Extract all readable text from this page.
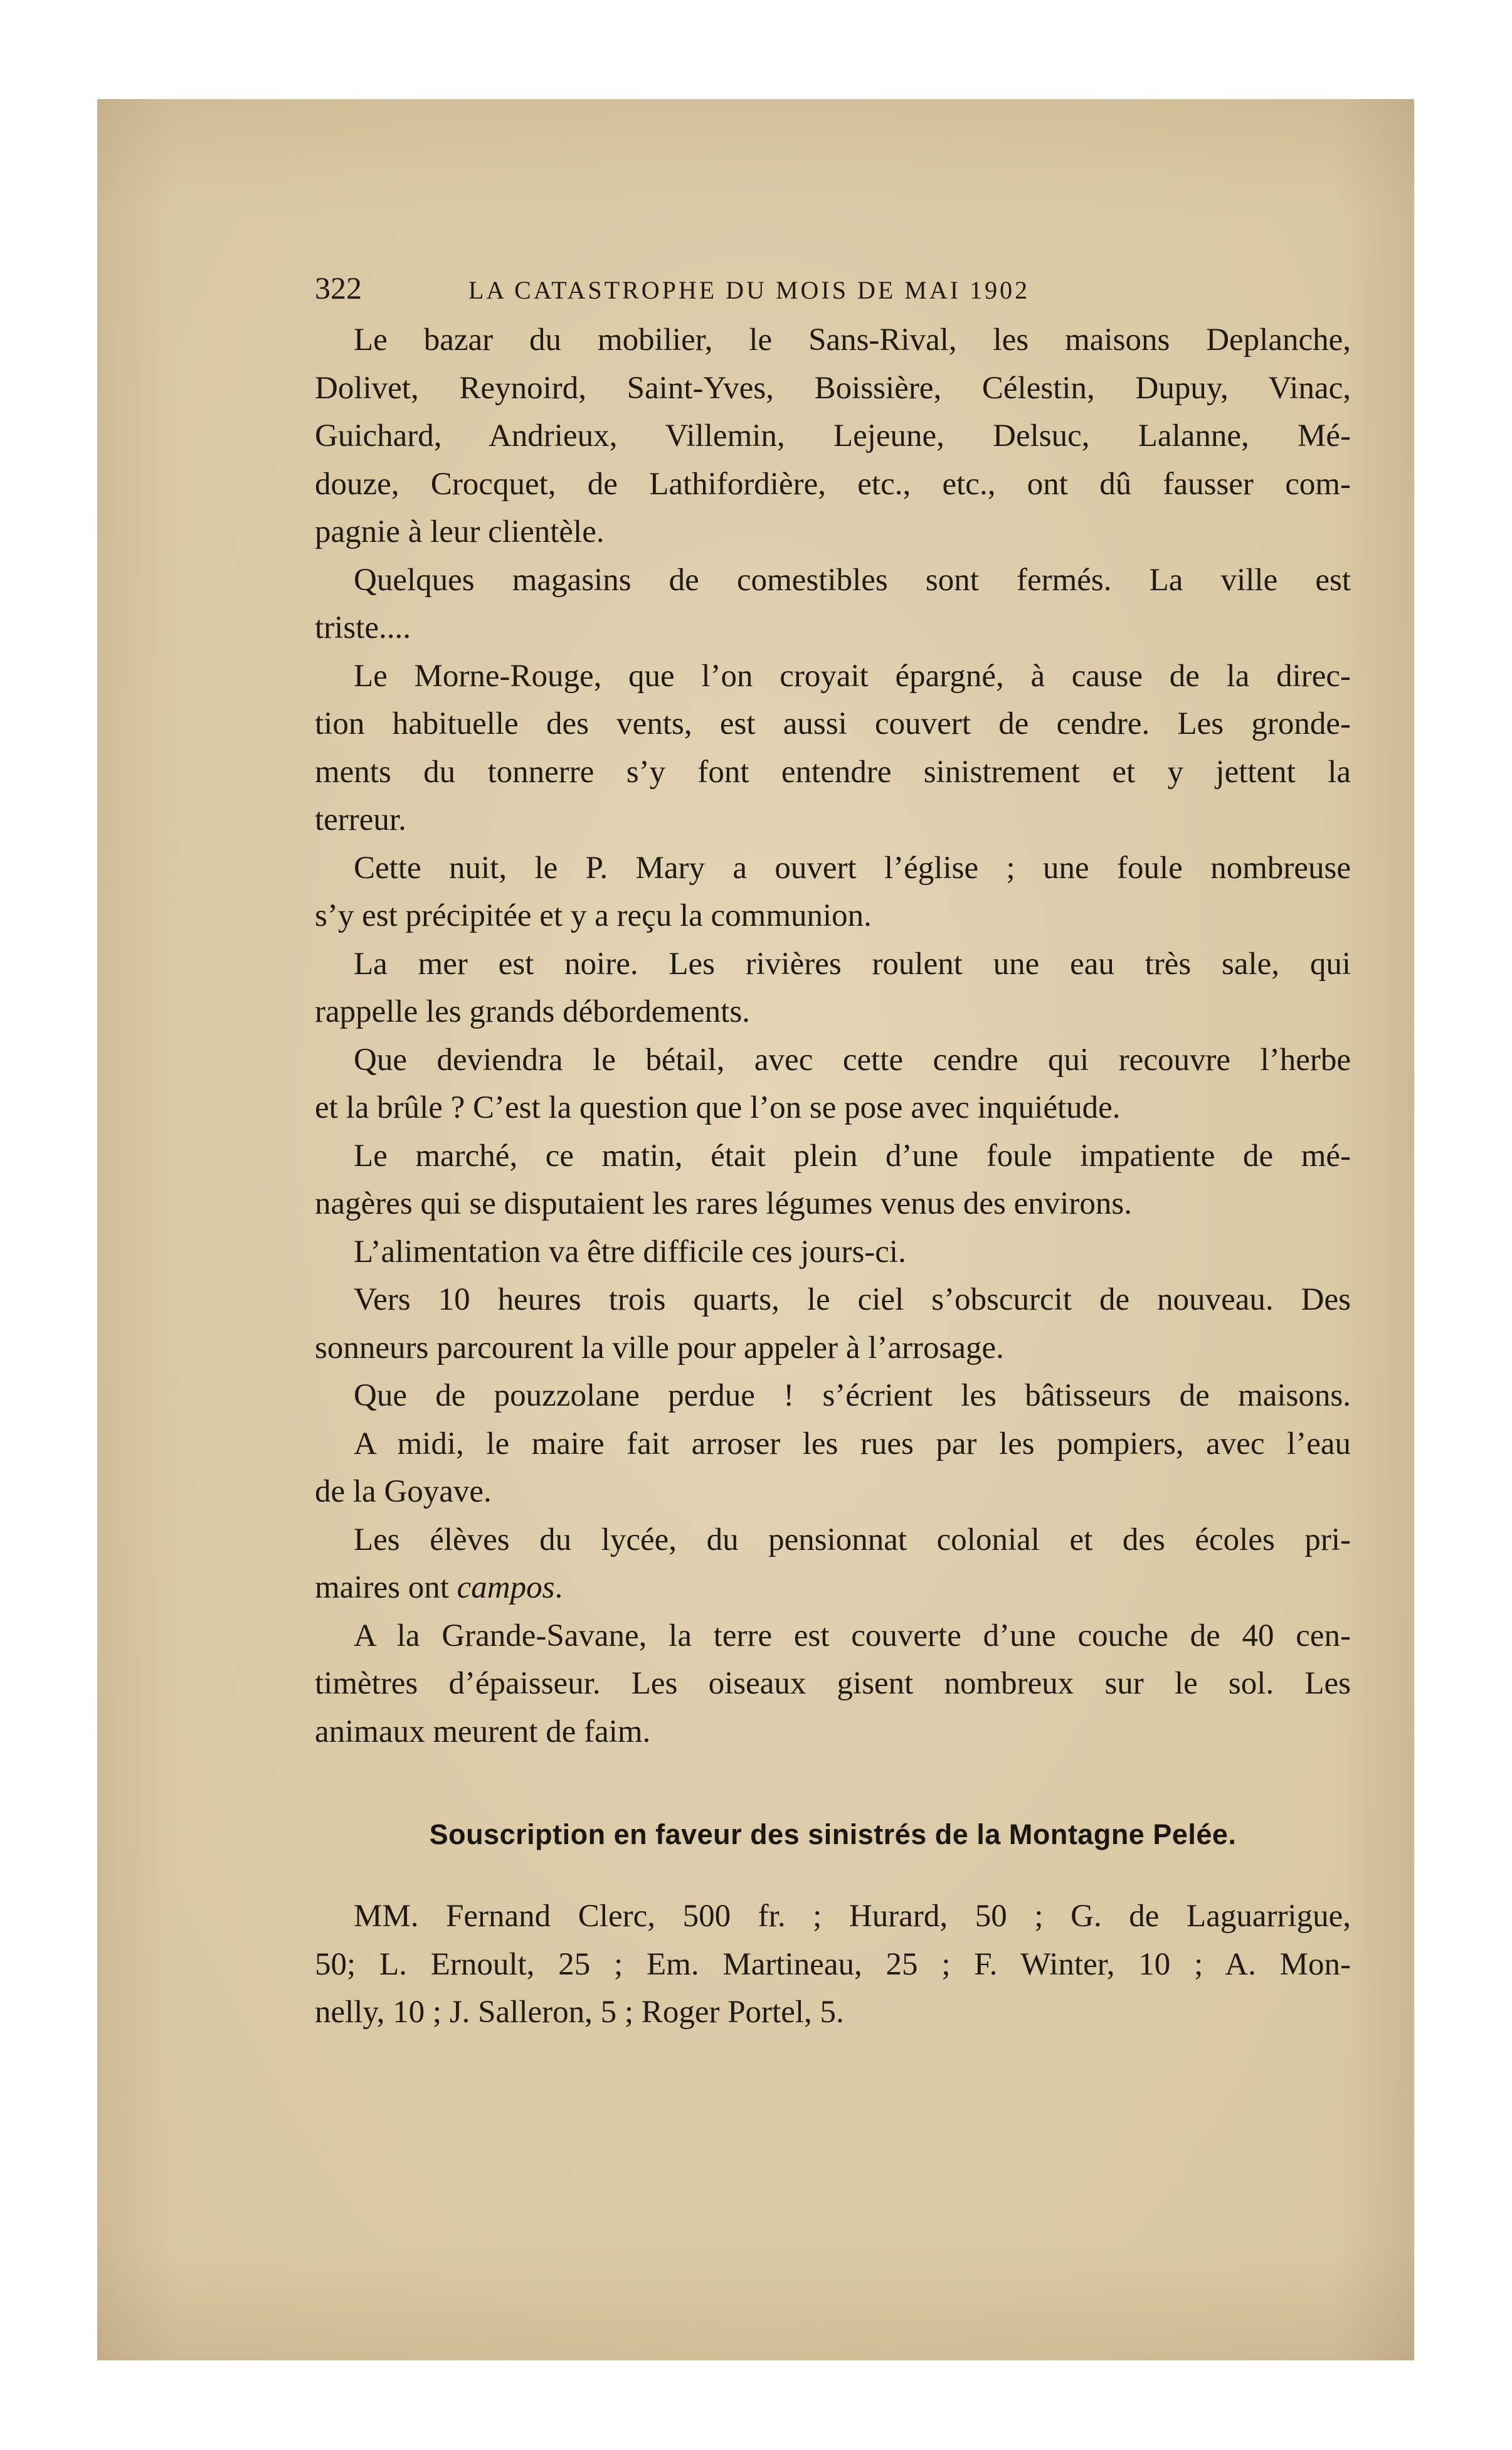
322	LA CATASTROPHE DU MOIS DE MAI 1902

Le bazar du mobilier, le Sans-Rival, les maisons Deplanche,
Dolivet, Reynoird, Saint-Yves, Boissière, Célestin, Dupuy, Vinac,
Guichard, Andrieux, Villemin, Lejeune, Delsuc, Lalanne, Mé-
douze, Crocquet, de Lathifordière, etc., etc., ont dû fausser com-
pagnie à leur clientèle.

Quelques magasins de comestibles sont fermés. La ville est
triste....

Le Morne-Rouge, que l’on croyait épargné, à cause de la direc-
tion habituelle des vents, est aussi couvert de cendre. Les gronde-
ments du tonnerre s’y font entendre sinistrement et y jettent la
terreur.

Cette nuit, le P. Mary a ouvert l’église ; une foule nombreuse
s’y est précipitée et y a reçu la communion.

La mer est noire. Les rivières roulent une eau très sale, qui
rappelle les grands débordements.

Que deviendra le bétail, avec cette cendre qui recouvre l’herbe
et la brûle ? C’est la question que l’on se pose avec inquiétude.

Le marché, ce matin, était plein d’une foule impatiente de mé-
nagères qui se disputaient les rares légumes venus des environs.

L’alimentation va être difficile ces jours-ci.

Vers 10 heures trois quarts, le ciel s’obscurcit de nouveau. Des
sonneurs parcourent la ville pour appeler à l’arrosage.

Que de pouzzolane perdue ! s’écrient les bâtisseurs de maisons.

A midi, le maire fait arroser les rues par les pompiers, avec l’eau
de la Goyave.

Les élèves du lycée, du pensionnat colonial et des écoles pri-
maires ont campos.

A la Grande-Savane, la terre est couverte d’une couche de 40 cen-
timètres d’épaisseur. Les oiseaux gisent nombreux sur le sol. Les
animaux meurent de faim.

Souscription en faveur des sinistrés de la Montagne Pelée.
MM. Fernand Clerc, 500 fr. ; Hurard, 50 ; G. de Laguarrigue,
50; L. Ernoult, 25 ; Em. Martineau, 25 ; F. Winter, 10 ; A. Mon-
nelly, 10 ; J. Salleron, 5 ; Roger Portel, 5.
